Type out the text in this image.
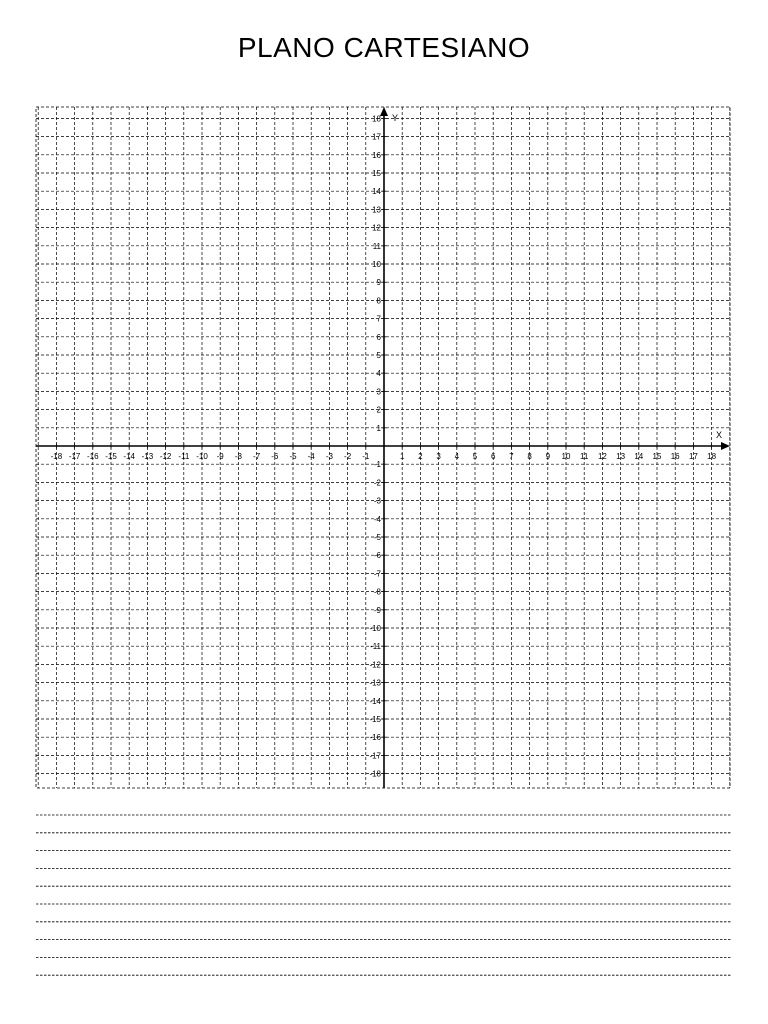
PLANO CARTESIANO
X
Y
-18 -17 -16 -15 -14 -13 -12 -11 -10 -9 -8 -7 -6 -5 -4 -3 -2 -1	1 2 3 4 5 6 7 8 9 10 11 12 13 14 15 16 17 18
-18
-17
-16
-15
-14
-13
-12
-11
-10
-9
-8
-7
-6
-5
-4
-3
-2
-1
1
2
3
4
5
6
7
8
9
10
11
12
13
14
15
16
17
18
